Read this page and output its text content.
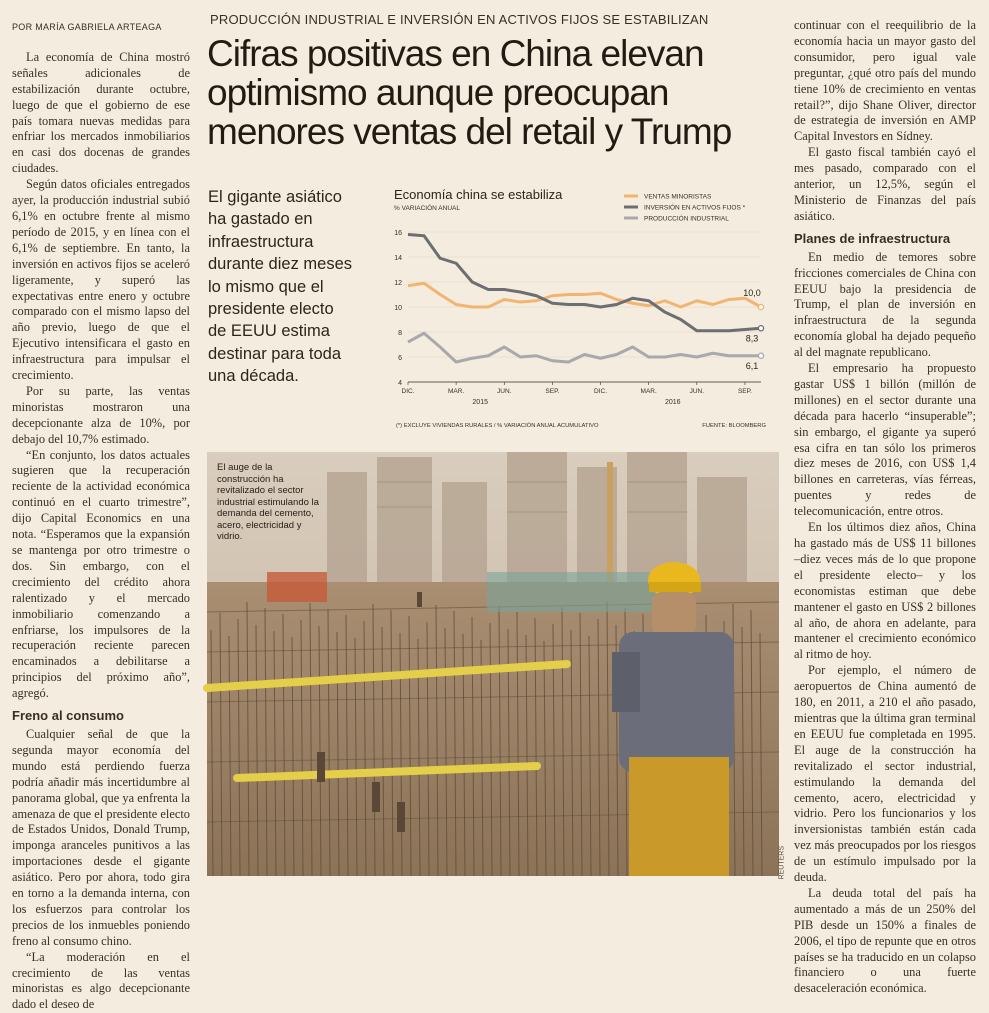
POR MARÍA GABRIELA ARTEAGA

La economía de China mostró señales adicionales de estabilización durante octubre, luego de que el gobierno de ese país tomara nuevas medidas para enfriar los mercados inmobiliarios en casi dos docenas de grandes ciudades.

Según datos oficiales entregados ayer, la producción industrial subió 6,1% en octubre frente al mismo período de 2015, y en línea con el 6,1% de septiembre. En tanto, la inversión en activos fijos se aceleró ligeramente, y superó las expectativas entre enero y octubre comparado con el mismo lapso del año previo, luego de que el Ejecutivo intensificara el gasto en infraestructura para impulsar el crecimiento.

Por su parte, las ventas minoristas mostraron una decepcionante alza de 10%, por debajo del 10,7% estimado.

“En conjunto, los datos actuales sugieren que la recuperación reciente de la actividad económica continuó en el cuarto trimestre”, dijo Capital Economics en una nota. “Esperamos que la expansión se mantenga por otro trimestre o dos. Sin embargo, con el crecimiento del crédito ahora ralentizado y el mercado inmobiliario comenzando a enfriarse, los impulsores de la recuperación reciente parecen encaminados a debilitarse a principios del próximo año”, agregó.

Freno al consumo

Cualquier señal de que la segunda mayor economía del mundo está perdiendo fuerza podría añadir más incertidumbre al panorama global, que ya enfrenta la amenaza de que el presidente electo de Estados Unidos, Donald Trump, imponga aranceles punitivos a las importaciones desde el gigante asiático. Pero por ahora, todo gira en torno a la demanda interna, con los esfuerzos para controlar los precios de los inmuebles poniendo freno al consumo chino.

“La moderación en el crecimiento de las ventas minoristas es algo decepcionante dado el deseo de

PRODUCCIÓN INDUSTRIAL E INVERSIÓN EN ACTIVOS FIJOS SE ESTABILIZAN
Cifras positivas en China elevan optimismo aunque preocupan menores ventas del retail y Trump
El gigante asiático ha gastado en infraestructura durante diez meses lo mismo que el presidente electo de EEUU estima destinar para toda una década.
Economía china se estabiliza
% VARIACIÓN ANUAL
VENTAS MINORISTAS
INVERSIÓN EN ACTIVOS FIJOS *
PRODUCCIÓN INDUSTRIAL
4
6
8
10
12
14
16
DIC.	MAR.	JUN.	SEP.	DIC.	MAR.	JUN.	SEP.
2015	2016
10,0
8,3
6,1
(*) EXCLUYE VIVIENDAS RURALES / % VARIACIÓN ANUAL ACUMULATIVO	FUENTE: BLOOMBERG
El auge de la construcción ha revitalizado el sector industrial estimulando la demanda del cemento, acero, electricidad y vidrio.
REUTERS

continuar con el reequilibrio de la economía hacia un mayor gasto del consumidor, pero igual vale preguntar, ¿qué otro país del mundo tiene 10% de crecimiento en ventas retail?”, dijo Shane Oliver, director de estrategia de inversión en AMP Capital Investors en Sídney.

El gasto fiscal también cayó el mes pasado, comparado con el anterior, un 12,5%, según el Ministerio de Finanzas del país asiático.

Planes de infraestructura

En medio de temores sobre fricciones comerciales de China con EEUU bajo la presidencia de Trump, el plan de inversión en infraestructura de la segunda economía global ha dejado pequeño al del magnate republicano.

El empresario ha propuesto gastar US$ 1 billón (millón de millones) en el sector durante una década para hacerlo “insuperable”; sin embargo, el gigante ya superó esa cifra en tan sólo los primeros diez meses de 2016, con US$ 1,4 billones en carreteras, vías férreas, puentes y redes de telecomunicación, entre otros.

En los últimos diez años, China ha gastado más de US$ 11 billones –diez veces más de lo que propone el presidente electo– y los economistas estiman que debe mantener el gasto en US$ 2 billones al año, de ahora en adelante, para mantener el crecimiento económico al ritmo de hoy.

Por ejemplo, el número de aeropuertos de China aumentó de 180, en 2011, a 210 el año pasado, mientras que la última gran terminal en EEUU fue completada en 1995. El auge de la construcción ha revitalizado el sector industrial, estimulando la demanda del cemento, acero, electricidad y vidrio. Pero los funcionarios y los inversionistas también están cada vez más preocupados por los riesgos de un estímulo impulsado por la deuda.

La deuda total del país ha aumentado a más de un 250% del PIB desde un 150% a finales de 2006, el tipo de repunte que en otros países se ha traducido en un colapso financiero o una fuerte desaceleración económica.
